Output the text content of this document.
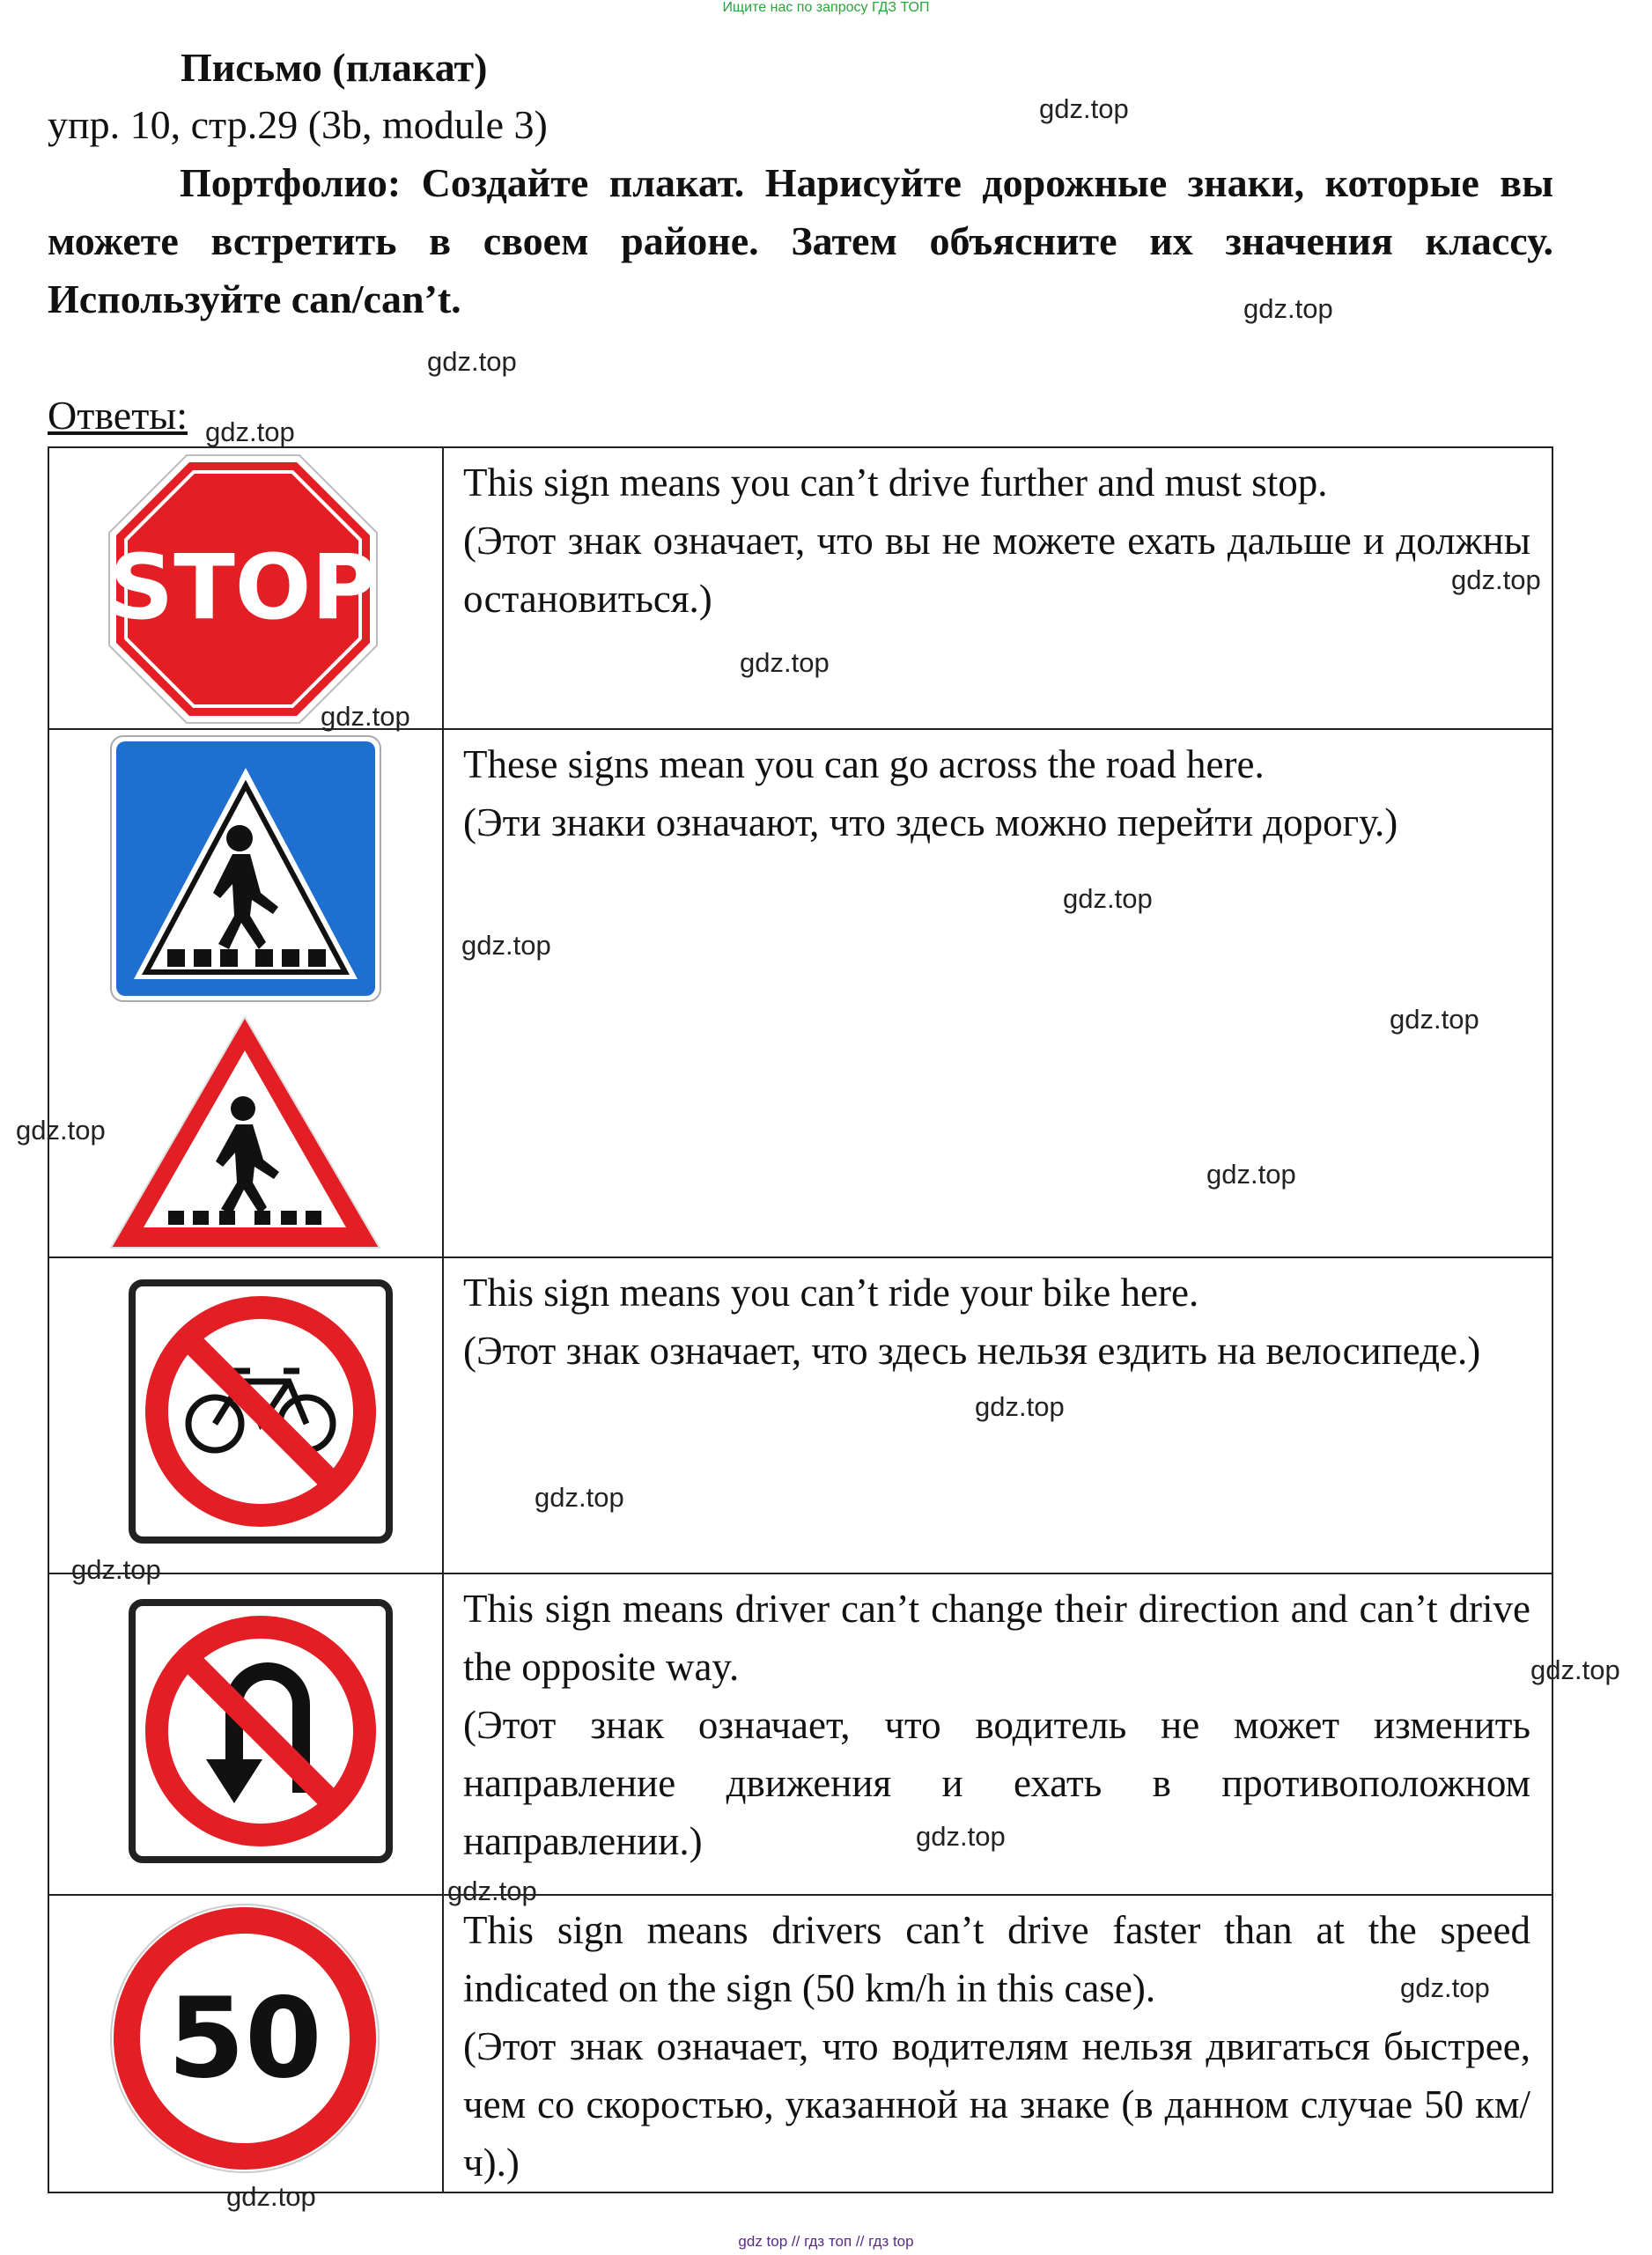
Ищите нас по запросу ГДЗ ТОП
Письмо (плакат)
упр. 10, стр.29 (3b, module 3)
Портфолио: Создайте плакат. Нарисуйте дорожные знаки, которые вы можете встретить в своем районе. Затем объясните их значения классу. Используйте can/can’t.
Ответы:
STOP	This sign means you can’t drive further and must stop.

(Этот знак означает, что вы не можете ехать дальше и должны остановиться.)

These signs mean you can go across the road here.

(Эти знаки означают, что здесь можно перейти дорогу.)

This sign means you can’t ride your bike here.

(Этот знак означает, что здесь нельзя ездить на велосипеде.)

This sign means driver can’t change their direction and can’t drive the opposite way.

(Этот знак означает, что водитель не может изменить направление движения и ехать в противоположном направлении.)

50	This sign means drivers can’t drive faster than at the speed indicated on the sign (50 km/h in this case).

(Этот знак означает, что водителям нельзя двигаться быстрее, чем со скоростью, указанной на знаке (в данном случае 50 км/ч).)

gdz.top
gdz.top
gdz.top
gdz.top
gdz.top
gdz.top
gdz.top
gdz.top
gdz.top
gdz.top
gdz.top
gdz.top
gdz.top
gdz.top
gdz.top
gdz.top
gdz.top
gdz.top
gdz.top
gdz.top
gdz top // гдз топ // гдз top
